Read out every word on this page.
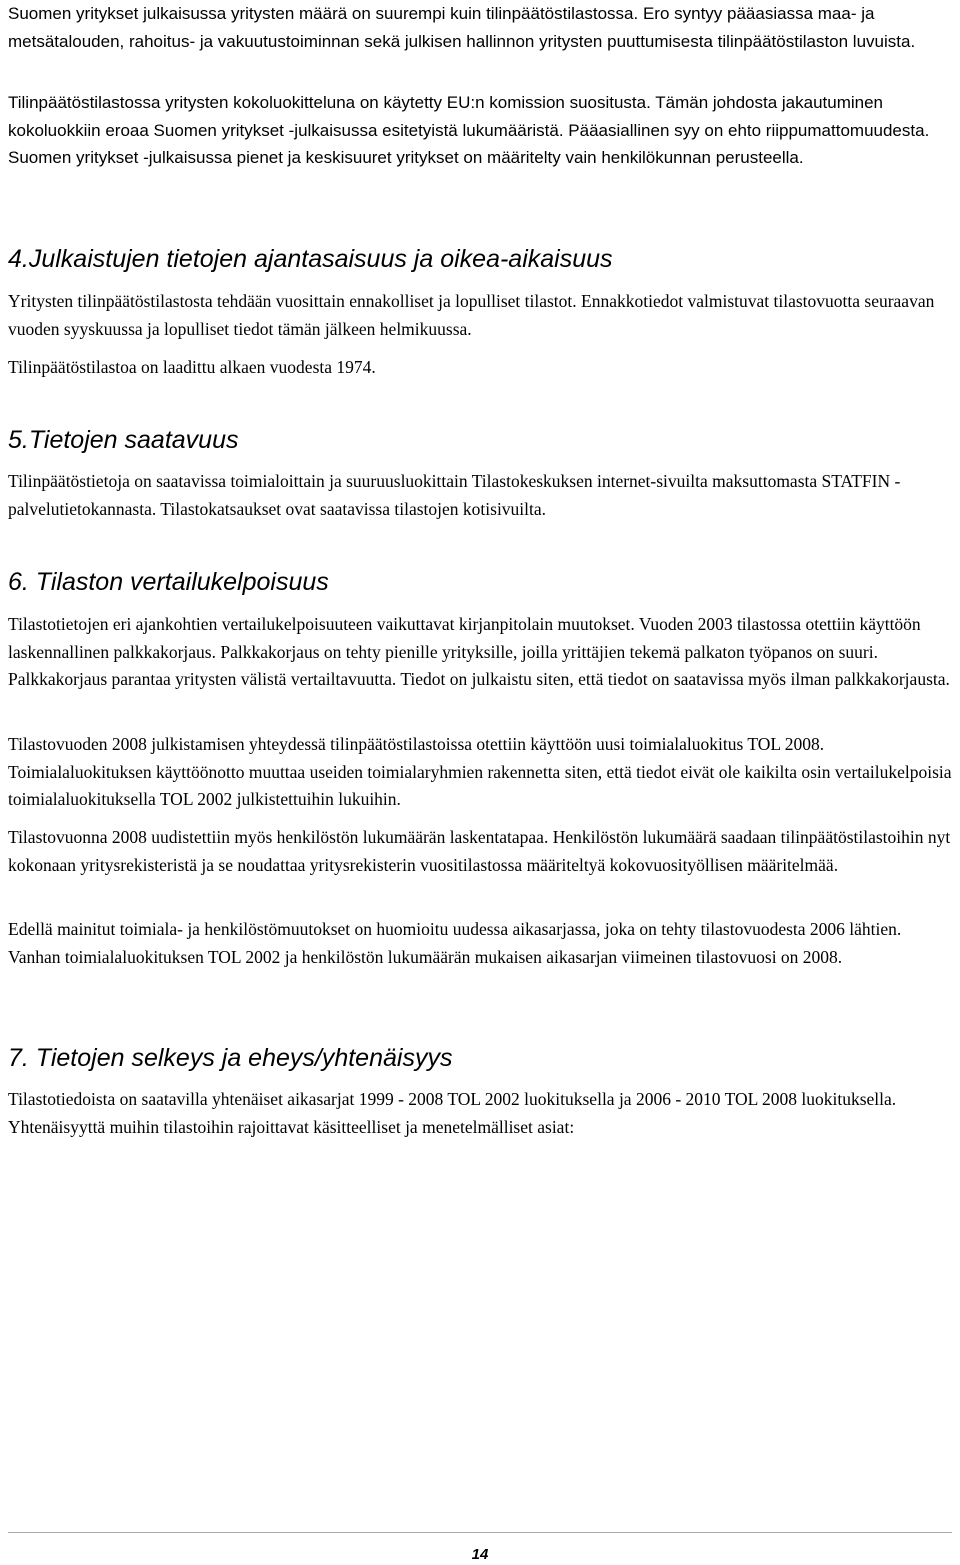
Suomen yritykset julkaisussa yritysten määrä on suurempi kuin tilinpäätöstilastossa. Ero syntyy pääasiassa maa- ja metsätalouden, rahoitus- ja vakuutustoiminnan sekä julkisen hallinnon yritysten puuttumisesta tilinpäätöstilaston luvuista.

Tilinpäätöstilastossa yritysten kokoluokitteluna on käytetty EU:n komission suositusta. Tämän johdosta jakautuminen kokoluokkiin eroaa Suomen yritykset -julkaisussa esitetyistä lukumääristä. Pääasiallinen syy on ehto riippumattomuudesta. Suomen yritykset -julkaisussa pienet ja keskisuuret yritykset on määritelty vain henkilökunnan perusteella.

4.Julkaistujen tietojen ajantasaisuus ja oikea-aikaisuus

Yritysten tilinpäätöstilastosta tehdään vuosittain ennakolliset ja lopulliset tilastot. Ennakkotiedot valmistuvat tilastovuotta seuraavan vuoden syyskuussa ja lopulliset tiedot tämän jälkeen helmikuussa.

Tilinpäätöstilastoa on laadittu alkaen vuodesta 1974.

5.Tietojen saatavuus

Tilinpäätöstietoja on saatavissa toimialoittain ja suuruusluokittain Tilastokeskuksen internet-sivuilta maksuttomasta STATFIN -palvelutietokannasta. Tilastokatsaukset ovat saatavissa tilastojen kotisivuilta.

6. Tilaston vertailukelpoisuus

Tilastotietojen eri ajankohtien vertailukelpoisuuteen vaikuttavat kirjanpitolain muutokset. Vuoden 2003 tilastossa otettiin käyttöön laskennallinen palkkakorjaus. Palkkakorjaus on tehty pienille yrityksille, joilla yrittäjien tekemä palkaton työpanos on suuri. Palkkakorjaus parantaa yritysten välistä vertailtavuutta. Tiedot on julkaistu siten, että tiedot on saatavissa myös ilman palkkakorjausta.

Tilastovuoden 2008 julkistamisen yhteydessä tilinpäätöstilastoissa otettiin käyttöön uusi toimialaluokitus TOL 2008. Toimialaluokituksen käyttöönotto muuttaa useiden toimialaryhmien rakennetta siten, että tiedot eivät ole kaikilta osin vertailukelpoisia toimialaluokituksella TOL 2002 julkistettuihin lukuihin.

Tilastovuonna 2008 uudistettiin myös henkilöstön lukumäärän laskentatapaa. Henkilöstön lukumäärä saadaan tilinpäätöstilastoihin nyt kokonaan yritysrekisteristä ja se noudattaa yritysrekisterin vuositilastossa määriteltyä kokovuosityöllisen määritelmää.

Edellä mainitut toimiala- ja henkilöstömuutokset on huomioitu uudessa aikasarjassa, joka on tehty tilastovuodesta 2006 lähtien. Vanhan toimialaluokituksen TOL 2002 ja henkilöstön lukumäärän mukaisen aikasarjan viimeinen tilastovuosi on 2008.

7. Tietojen selkeys ja eheys/yhtenäisyys

Tilastotiedoista on saatavilla yhtenäiset aikasarjat 1999 - 2008 TOL 2002 luokituksella ja 2006 - 2010 TOL 2008 luokituksella. Yhtenäisyyttä muihin tilastoihin rajoittavat käsitteelliset ja menetelmälliset asiat:

14
